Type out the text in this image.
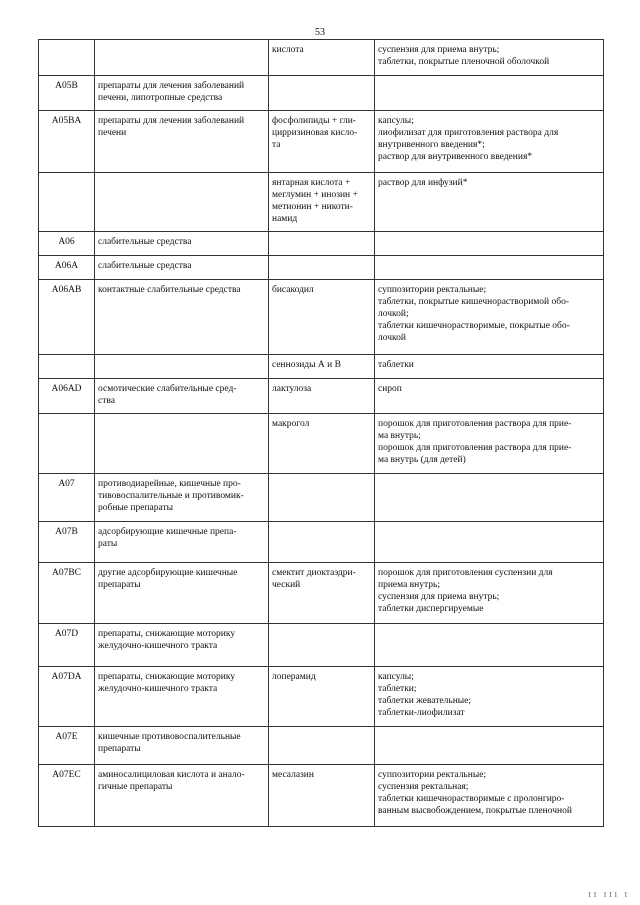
53

		кислота	суспензия для приема внутрь;
таблетки, покрытые пленочной оболочкой

A05B	препараты для лечения заболеваний
печени, липотропные средства		

A05BA	препараты для лечения заболеваний
печени	фосфолипиды + гли-
цирризиновая кисло-
та	капсулы;
лиофилизат для приготовления раствора для
внутривенного введения*;
раствор для внутривенного введения*

		янтарная кислота +
меглумин + инозин +
метионин + никоти-
намид	раствор для инфузий*

A06	слабительные средства		

A06A	слабительные средства		

A06AB	контактные слабительные средства	бисакодил	суппозитории ректальные;
таблетки, покрытые кишечнорастворимой обо-
лочкой;
таблетки кишечнорастворимые, покрытые обо-
лочкой

		сеннозиды А и В	таблетки

A06AD	осмотические слабительные сред-
ства	лактулоза	сироп

		макрогол	порошок для приготовления раствора для прие-
ма внутрь;
порошок для приготовления раствора для прие-
ма внутрь (для детей)

A07	противодиарейные, кишечные про-
тивовоспалительные и противомик-
робные препараты		

A07B	адсорбирующие кишечные препа-
раты		

A07BC	другие адсорбирующие кишечные
препараты	смектит диоктаэдри-
ческий	порошок для приготовления суспензии для
приема внутрь;
суспензия для приема внутрь;
таблетки диспергируемые

A07D	препараты, снижающие моторику
желудочно-кишечного тракта		

A07DA	препараты, снижающие моторику
желудочно-кишечного тракта	лоперамид	капсулы;
таблетки;
таблетки жевательные;
таблетки-лиофилизат

A07E	кишечные противовоспалительные
препараты		

A07EC	аминосалициловая кислота и анало-
гичные препараты	месалазин	суппозитории ректальные;
суспензия ректальная;
таблетки кишечнорастворимые с пролонгиро-
ванным высвобождением, покрытые пленочной
II III I
